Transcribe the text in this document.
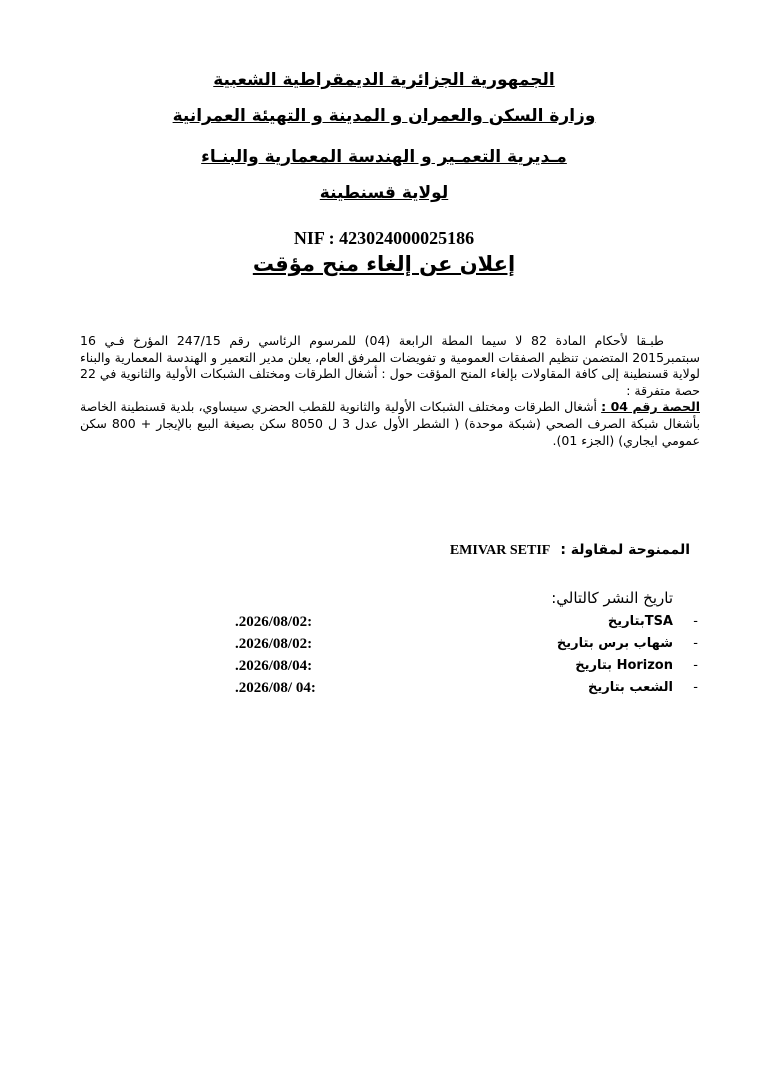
الجمهورية الجزائرية الديمقراطية الشعبية
وزارة السكن والعمران و المدينة و التهيئة العمرانية
مـديرية التعمـير و الهندسة المعمارية والبنـاء
لولاية قسنطينة
NIF : 423024000025186
إعلان عن إلغاء منح مؤقت

طبـقا لأحكام المادة 82 لا سيما المطة الرابعة (04) للمرسوم الرئاسي رقم 247/15 المؤرخ فـي 16 سبتمبر2015 المتضمن تنظيم الصفقات العمومية و تفويضات المرفق العام، يعلن مدير التعمير و الهندسة المعمارية والبناء لولاية قسنطينة إلى كافة المقاولات بإلغاء المنح المؤقت حول : أشغال الطرقات ومختلف الشبكات الأولية والثانوية في 22 حصة متفرقة :

الحصة رقم 04 : أشغال الطرقات ومختلف الشبكات الأولية والثانوية للقطب الحضري سيساوي، بلدية قسنطينة الخاصة بأشغال شبكة الصرف الصحي (شبكة موحدة) ( الشطر الأول عدل 3 ل 8050 سكن بصيغة البيع بالإيجار + 800 سكن عمومي ايجاري) (الجزء 01).

الممنوحة لمقاولة :EMIVAR SETIF
تاريخ النشر كالتالي:
-
TSAبتاريخ
.2026/08/02:
-
شهاب برس بتاريخ
.2026/08/02:
-
Horizon بتاريخ
.2026/08/04:
-
الشعب بتاريخ
.2026/08/ 04:
